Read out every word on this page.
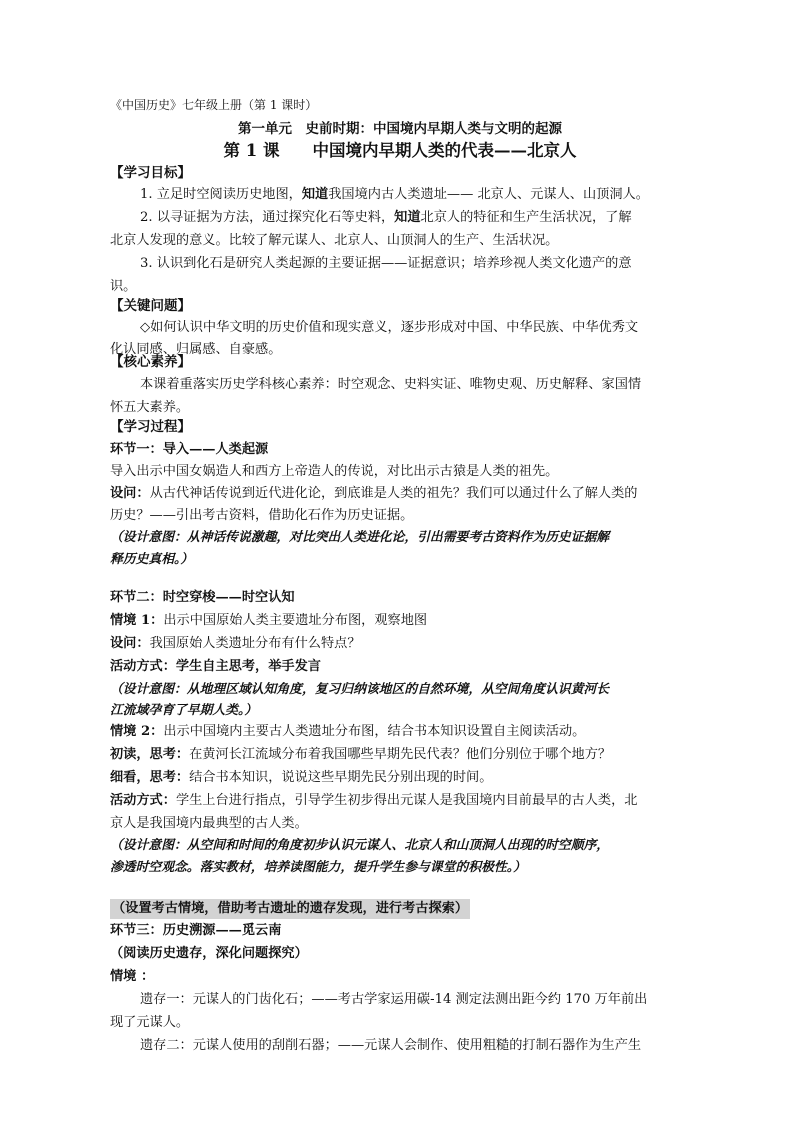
《中国历史》七年级上册（第 1 课时）
第一单元　史前时期：中国境内早期人类与文明的起源
第 1 课　　中国境内早期人类的代表——北京人
【学习目标】
1. 立足时空阅读历史地图，知道我国境内古人类遗址—— 北京人、元谋人、山顶洞人。
2. 以寻证据为方法，通过探究化石等史料，知道北京人的特征和生产生活状况，了解
北京人发现的意义。比较了解元谋人、北京人、山顶洞人的生产、生活状况。
3. 认识到化石是研究人类起源的主要证据——证据意识；培养珍视人类文化遗产的意
识。
【关键问题】
◇如何认识中华文明的历史价值和现实意义，逐步形成对中国、中华民族、中华优秀文
化认同感、归属感、自豪感。
【核心素养】
本课着重落实历史学科核心素养：时空观念、史料实证、唯物史观、历史解释、家国情
怀五大素养。
【学习过程】
环节一：导入——人类起源
导入出示中国女娲造人和西方上帝造人的传说，对比出示古猿是人类的祖先。
设问：从古代神话传说到近代进化论，到底谁是人类的祖先？我们可以通过什么了解人类的
历史？——引出考古资料，借助化石作为历史证据。
（设计意图：从神话传说激趣，对比突出人类进化论，引出需要考古资料作为历史证据解
释历史真相。）
环节二：时空穿梭——时空认知
情境 1：出示中国原始人类主要遗址分布图，观察地图
设问：我国原始人类遗址分布有什么特点？
活动方式：学生自主思考，举手发言
（设计意图：从地理区域认知角度，复习归纳该地区的自然环境，从空间角度认识黄河长
江流域孕育了早期人类。）
情境 2：出示中国境内主要古人类遗址分布图，结合书本知识设置自主阅读活动。
初读，思考：在黄河长江流域分布着我国哪些早期先民代表？他们分别位于哪个地方？
细看，思考：结合书本知识，说说这些早期先民分别出现的时间。
活动方式：学生上台进行指点，引导学生初步得出元谋人是我国境内目前最早的古人类，北
京人是我国境内最典型的古人类。
（设计意图：从空间和时间的角度初步认识元谋人、北京人和山顶洞人出现的时空顺序，
渗透时空观念。落实教材，培养读图能力，提升学生参与课堂的积极性。）
（设置考古情境，借助考古遗址的遗存发现，进行考古探索）
环节三：历史溯源——觅云南
（阅读历史遗存，深化问题探究）
情境 ：
遗存一：元谋人的门齿化石；——考古学家运用碳-14 测定法测出距今约 170 万年前出
现了元谋人。
遗存二：元谋人使用的刮削石器；——元谋人会制作、使用粗糙的打制石器作为生产生
